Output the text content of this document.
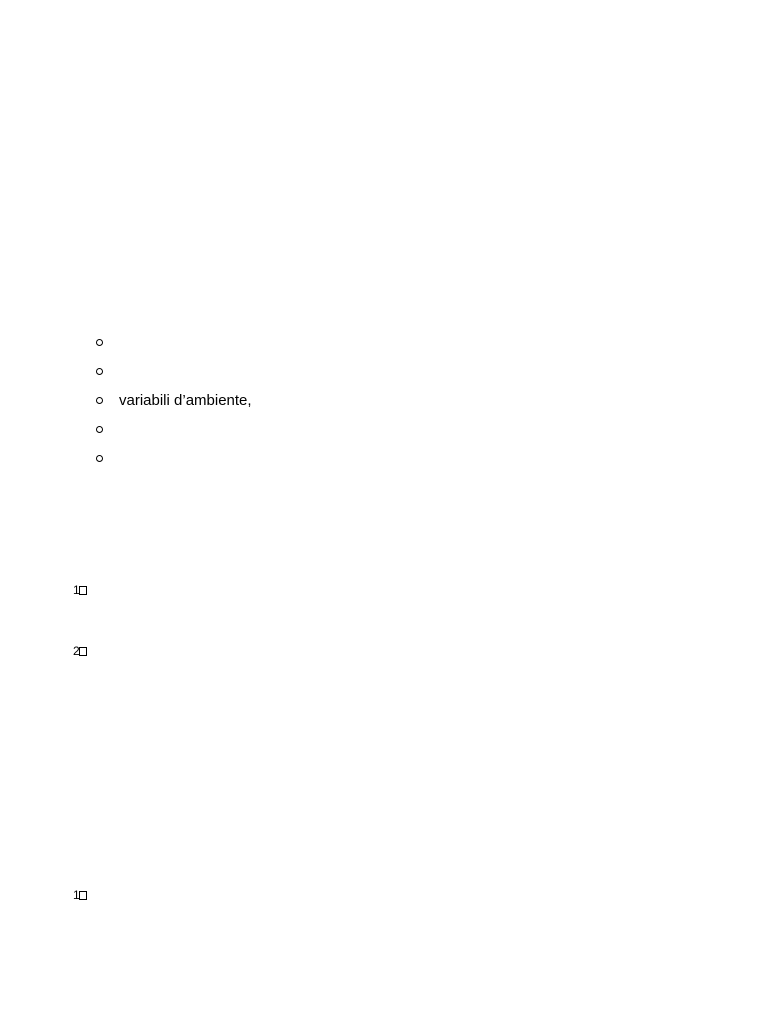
variabili d’ambiente,
1
2
1
